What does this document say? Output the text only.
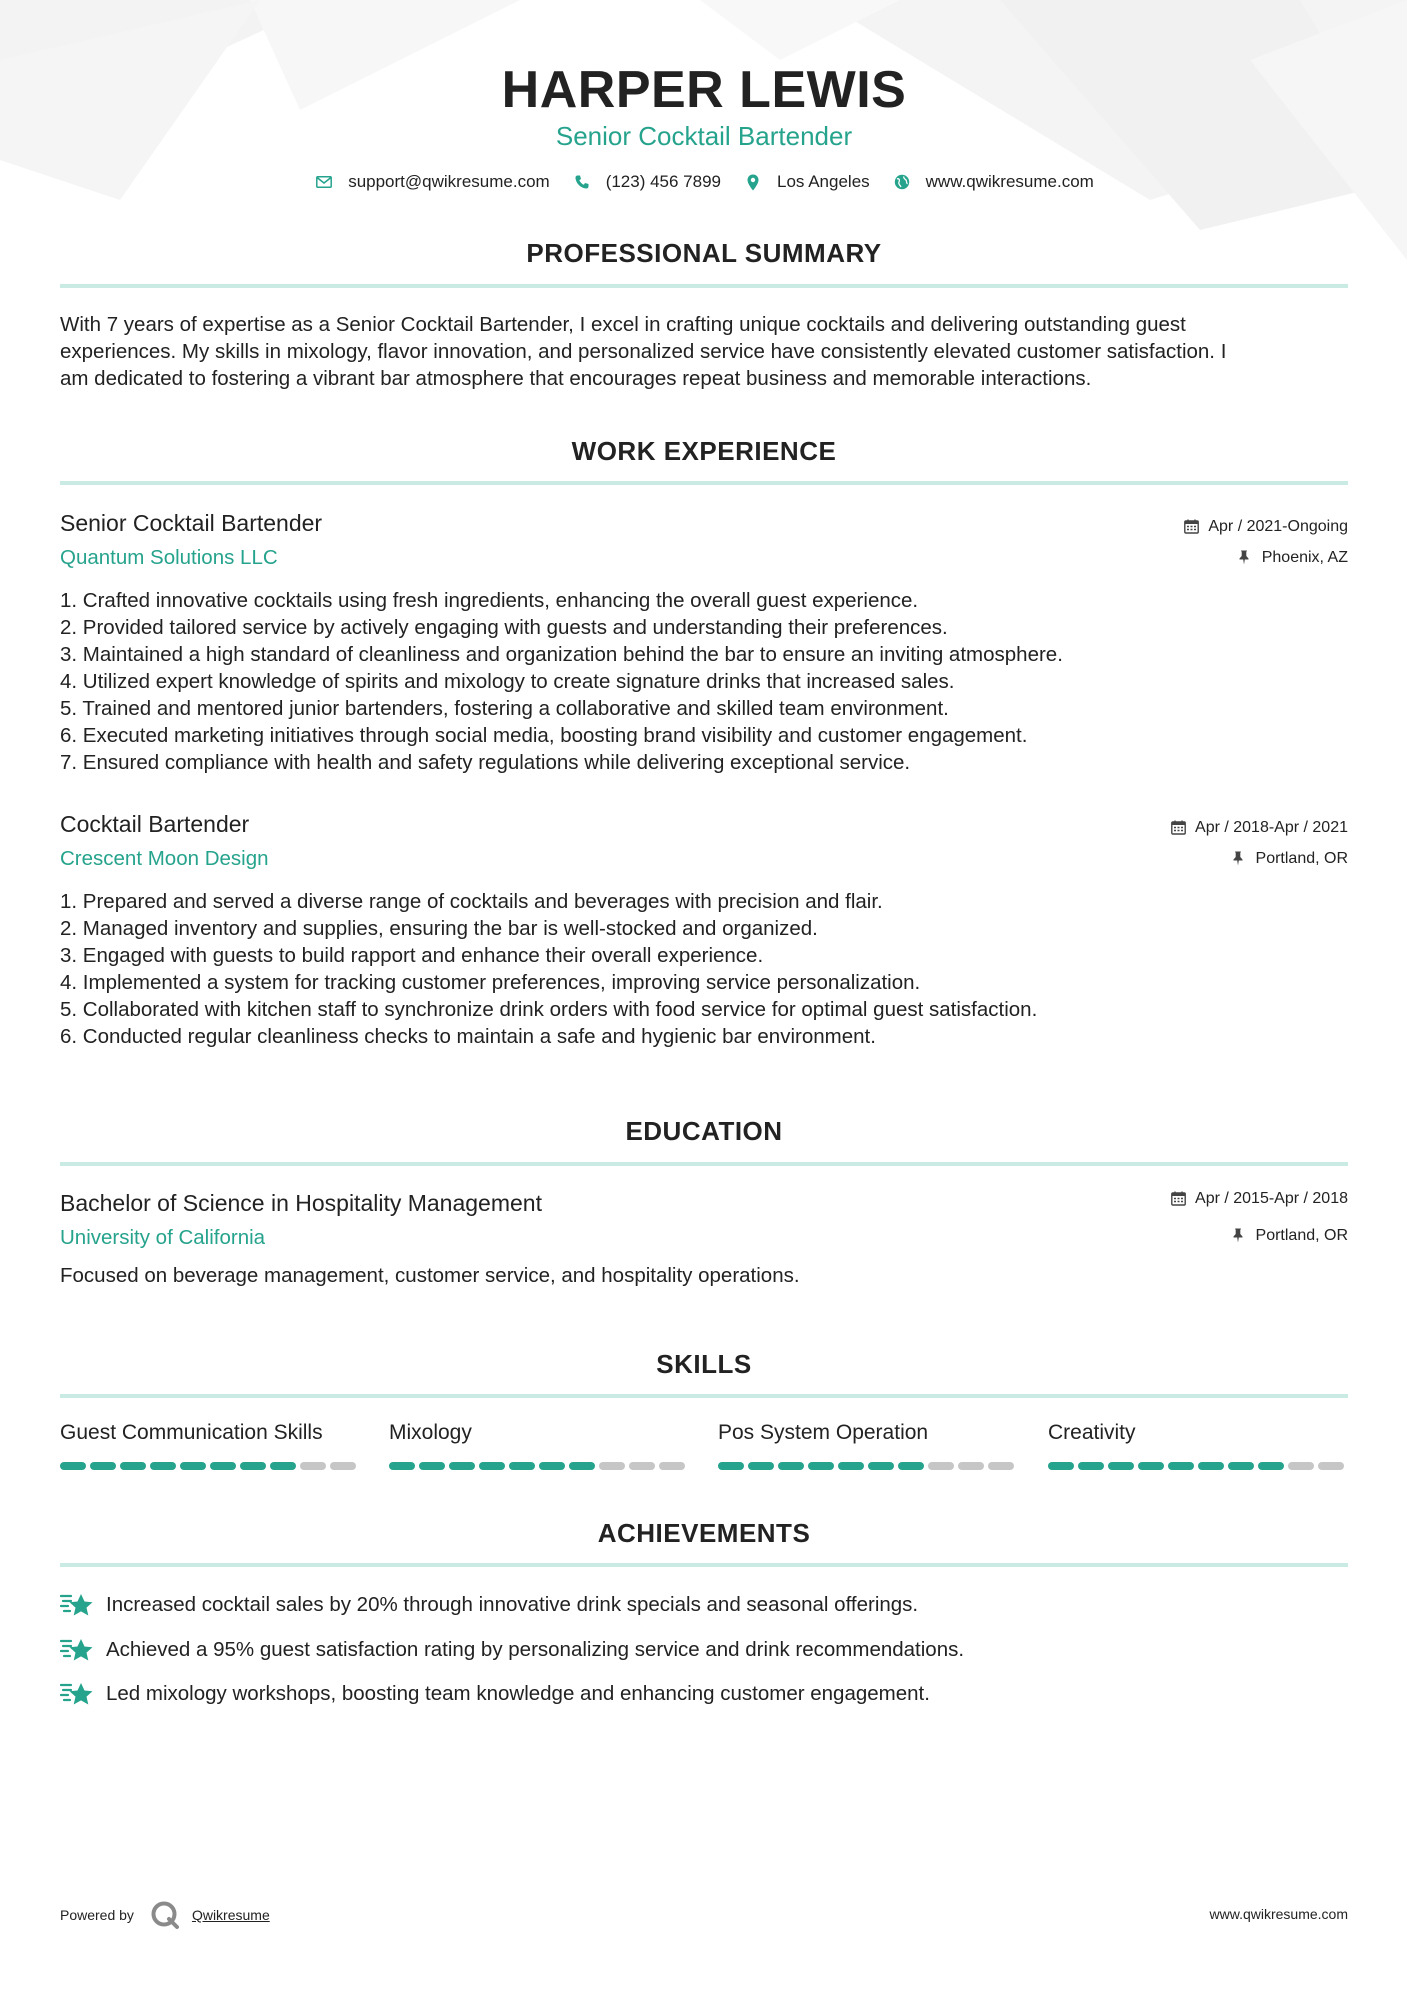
HARPER LEWIS
Senior Cocktail Bartender
support@qwikresume.com	(123) 456 7899	Los Angeles	www.qwikresume.com
PROFESSIONAL SUMMARY
With 7 years of expertise as a Senior Cocktail Bartender, I excel in crafting unique cocktails and delivering outstanding guest
experiences. My skills in mixology, flavor innovation, and personalized service have consistently elevated customer satisfaction. I
am dedicated to fostering a vibrant bar atmosphere that encourages repeat business and memorable interactions.
WORK EXPERIENCE
Senior Cocktail Bartender
Quantum Solutions LLC
Apr / 2021-Ongoing
Phoenix, AZ
1. Crafted innovative cocktails using fresh ingredients, enhancing the overall guest experience.
2. Provided tailored service by actively engaging with guests and understanding their preferences.
3. Maintained a high standard of cleanliness and organization behind the bar to ensure an inviting atmosphere.
4. Utilized expert knowledge of spirits and mixology to create signature drinks that increased sales.
5. Trained and mentored junior bartenders, fostering a collaborative and skilled team environment.
6. Executed marketing initiatives through social media, boosting brand visibility and customer engagement.
7. Ensured compliance with health and safety regulations while delivering exceptional service.
Cocktail Bartender
Crescent Moon Design
Apr / 2018-Apr / 2021
Portland, OR
1. Prepared and served a diverse range of cocktails and beverages with precision and flair.
2. Managed inventory and supplies, ensuring the bar is well-stocked and organized.
3. Engaged with guests to build rapport and enhance their overall experience.
4. Implemented a system for tracking customer preferences, improving service personalization.
5. Collaborated with kitchen staff to synchronize drink orders with food service for optimal guest satisfaction.
6. Conducted regular cleanliness checks to maintain a safe and hygienic bar environment.
EDUCATION
Bachelor of Science in Hospitality Management
University of California
Apr / 2015-Apr / 2018
Portland, OR
Focused on beverage management, customer service, and hospitality operations.
SKILLS
Guest Communication Skills	Mixology	Pos System Operation	Creativity
ACHIEVEMENTS
Increased cocktail sales by 20% through innovative drink specials and seasonal offerings.
Achieved a 95% guest satisfaction rating by personalizing service and drink recommendations.
Led mixology workshops, boosting team knowledge and enhancing customer engagement.
Powered by	Qwikresume	www.qwikresume.com
